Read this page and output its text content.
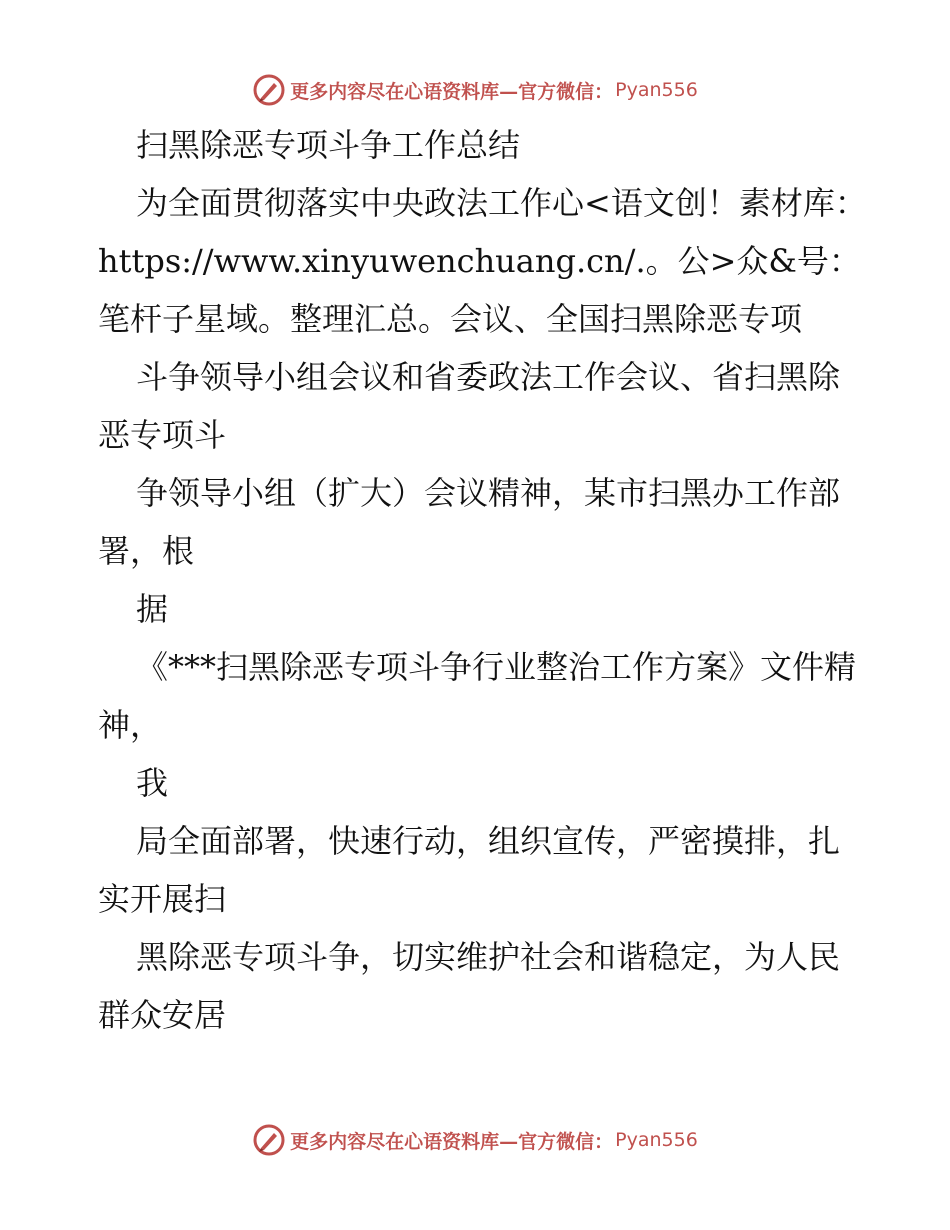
更多内容尽在心语资料库—官方微信： Pyan556

扫黑除恶专项斗争工作总结

为全面贯彻落实中央政法工作心<语文创！素材库：https://www.xinyuwenchuang.cn/.。公>众&号：笔杆子星域。整理汇总。会议、全国扫黑除恶专项

斗争领导小组会议和省委政法工作会议、省扫黑除恶专项斗

争领导小组（扩大）会议精神，某市扫黑办工作部署，根

据

《***扫黑除恶专项斗争行业整治工作方案》文件精神，

我

局全面部署，快速行动，组织宣传，严密摸排，扎实开展扫

黑除恶专项斗争，切实维护社会和谐稳定，为人民群众安居

更多内容尽在心语资料库—官方微信： Pyan556
